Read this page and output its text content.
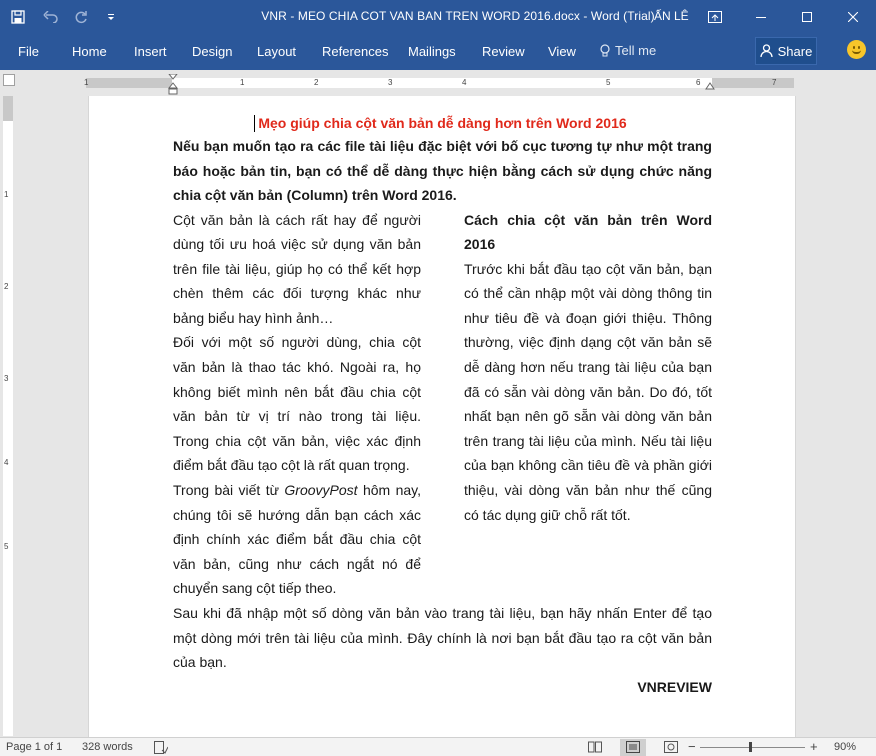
VNR - MEO CHIA COT VAN BAN TREN WORD 2016.docx - Word (Trial) ẤN LÊ
File	Home Insert Design Layout References Mailings Review View	Tell me	Share
1	1	2	3	4	5	6	7
1
2
3
4
5
Mẹo giúp chia cột văn bản dễ dàng hơn trên Word 2016
Nếu bạn muốn tạo ra các file tài liệu đặc biệt với bố cục tương tự như một trang báo hoặc bản tin, bạn có thể dễ dàng thực hiện bằng cách sử dụng chức năng chia cột văn bản (Column) trên Word 2016.

Cột văn bản là cách rất hay để người dùng tối ưu hoá việc sử dụng văn bản trên file tài liệu, giúp họ có thể kết hợp chèn thêm các đối tượng khác như bảng biểu hay hình ảnh…

Đối với một số người dùng, chia cột văn bản là thao tác khó. Ngoài ra, họ không biết mình nên bắt đầu chia cột văn bản từ vị trí nào trong tài liệu. Trong chia cột văn bản, việc xác định điểm bắt đầu tạo cột là rất quan trọng.

Trong bài viết từ GroovyPost hôm nay, chúng tôi sẽ hướng dẫn bạn cách xác định chính xác điểm bắt đầu chia cột văn bản, cũng như cách ngắt nó để chuyển sang cột tiếp theo.

Cách chia cột văn bản trên Word 2016

Trước khi bắt đầu tạo cột văn bản, bạn có thể cần nhập một vài dòng thông tin như tiêu đề và đoạn giới thiệu. Thông thường, việc định dạng cột văn bản sẽ dễ dàng hơn nếu trang tài liệu của bạn đã có sẵn vài dòng văn bản. Do đó, tốt nhất bạn nên gõ sẵn vài dòng văn bản trên trang tài liệu của mình. Nếu tài liệu của bạn không cần tiêu đề và phần giới thiệu, vài dòng văn bản như thế cũng có tác dụng giữ chỗ rất tốt.

Sau khi đã nhập một số dòng văn bản vào trang tài liệu, bạn hãy nhấn Enter để tạo một dòng mới trên tài liệu của mình. Đây chính là nơi bạn bắt đầu tạo ra cột văn bản của bạn.
VNREVIEW
Page 1 of 1 328 words	−	+ 90%
